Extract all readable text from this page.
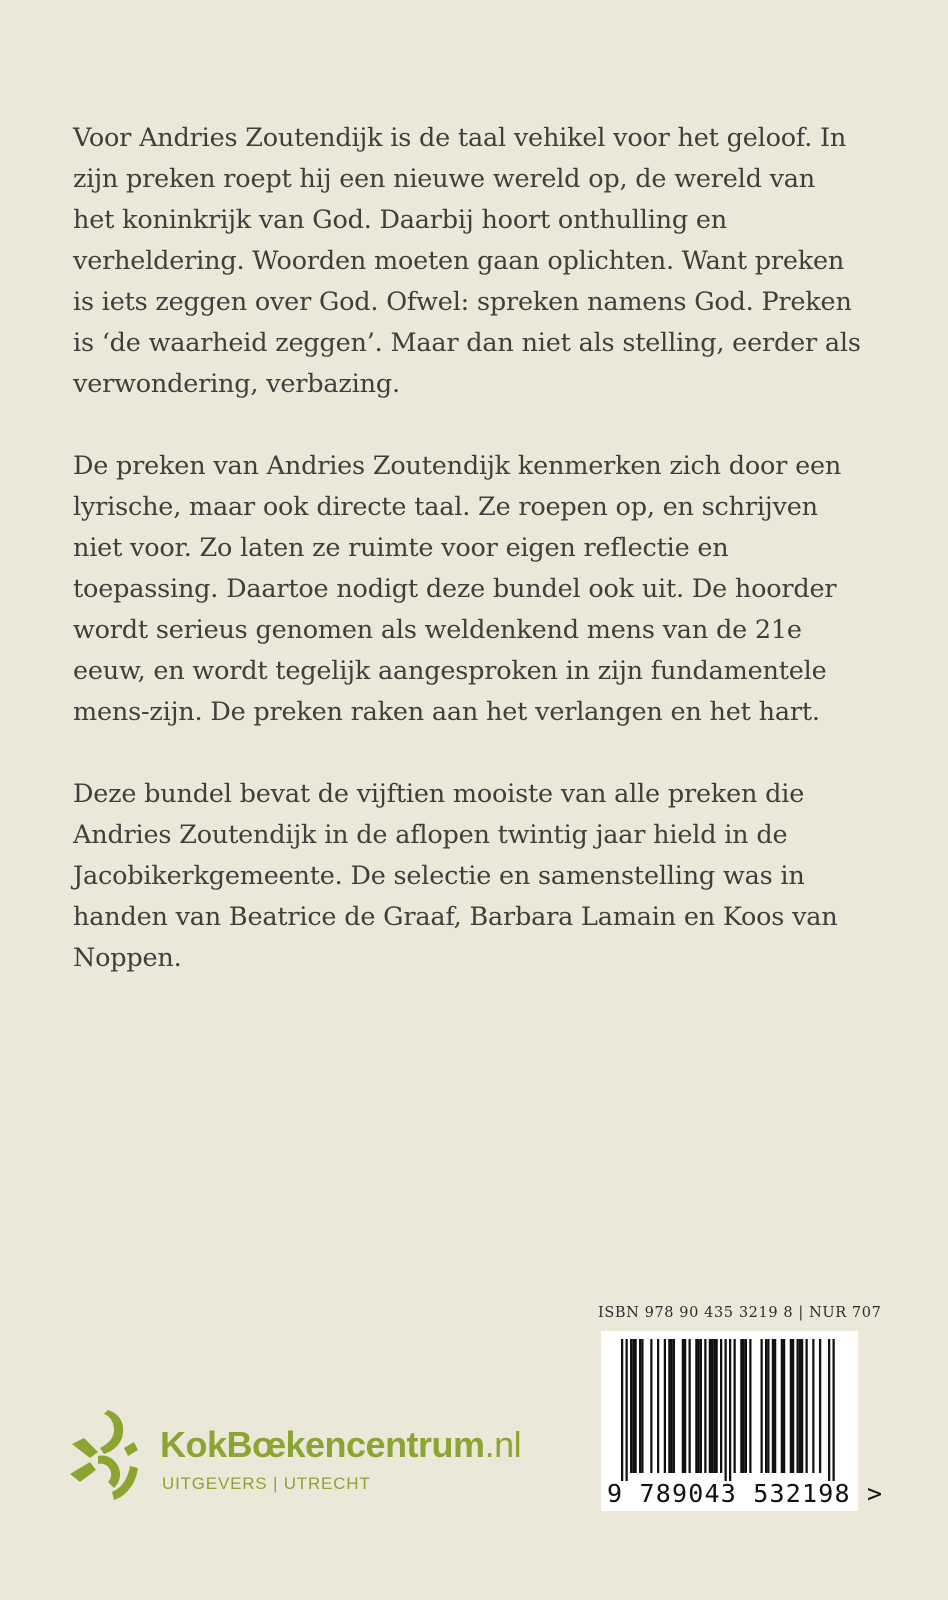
Voor Andries Zoutendijk is de taal vehikel voor het geloof. In zijn preken roept hij een nieuwe wereld op, de wereld van het koninkrijk van God. Daarbij hoort onthulling en verheldering. Woorden moeten gaan oplichten. Want preken is iets zeggen over God. Ofwel: spreken namens God. Preken is ‘de waarheid zeggen’. Maar dan niet als stelling, eerder als verwondering, verbazing.

De preken van Andries Zoutendijk kenmerken zich door een lyrische, maar ook directe taal. Ze roepen op, en schrijven niet voor. Zo laten ze ruimte voor eigen reflectie en toepassing. Daartoe nodigt deze bundel ook uit. De hoorder wordt serieus genomen als weldenkend mens van de 21e eeuw, en wordt tegelijk aangesproken in zijn fundamentele mens-zijn. De preken raken aan het verlangen en het hart.

Deze bundel bevat de vijftien mooiste van alle preken die Andries Zoutendijk in de aflopen twintig jaar hield in de Jacobikerkgemeente. De selectie en samenstelling was in handen van Beatrice de Graaf, Barbara Lamain en Koos van Noppen.

KokBœkencentrum.nl
UITGEVERS | UTRECHT
ISBN 978 90 435 3219 8 | NUR 707
9 789043 532198 >
